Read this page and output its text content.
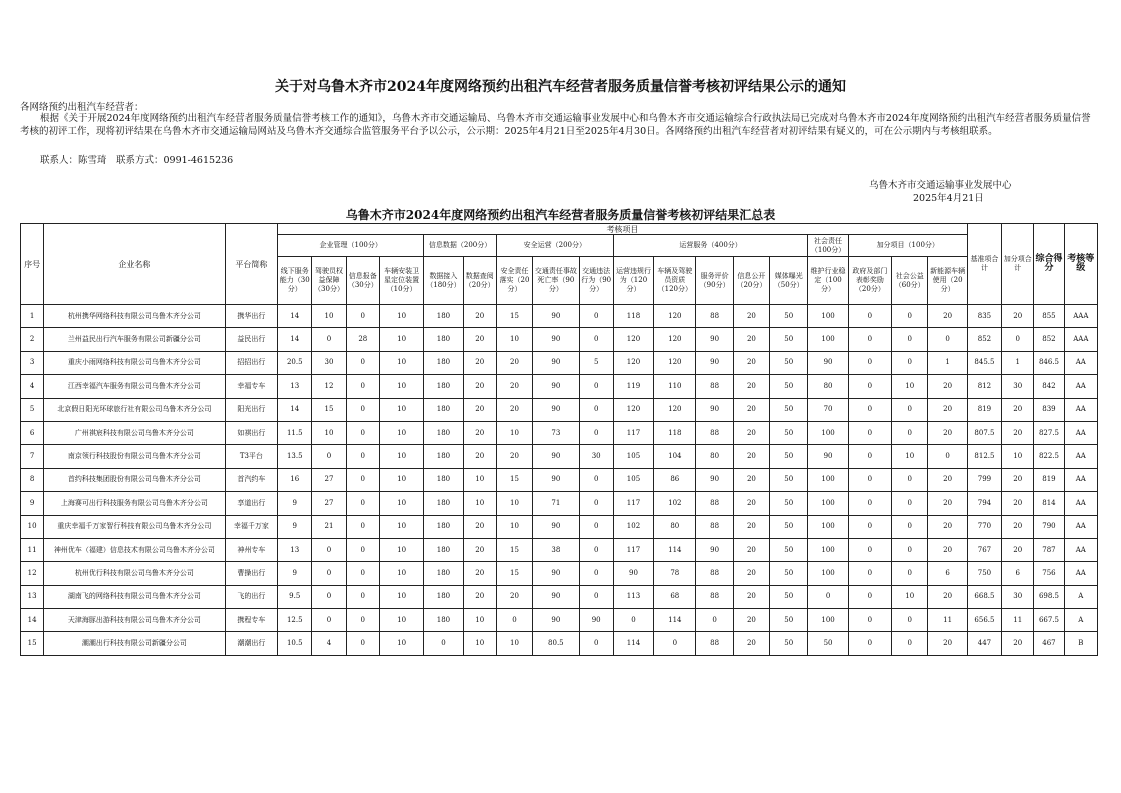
关于对乌鲁木齐市2024年度网络预约出租汽车经营者服务质量信誉考核初评结果公示的通知
各网络预约出租汽车经营者：
根据《关于开展2024年度网络预约出租汽车经营者服务质量信誉考核工作的通知》，乌鲁木齐市交通运输局、乌鲁木齐市交通运输事业发展中心和乌鲁木齐市交通运输综合行政执法局已完成对乌鲁木齐市2024年度网络预约出租汽车经营者服务质量信誉考核的初评工作，现将初评结果在乌鲁木齐市交通运输局网站及乌鲁木齐交通综合监管服务平台予以公示，公示期：2025年4月21日至2025年4月30日。各网络预约出租汽车经营者对初评结果有疑义的，可在公示期内与考核组联系。
联系人：陈雪琦　联系方式：0991-4615236
乌鲁木齐市交通运输事业发展中心
2025年4月21日
乌鲁木齐市2024年度网络预约出租汽车经营者服务质量信誉考核初评结果汇总表
序号	企业名称	平台简称	考核项目																		基准项合计	加分项合计	综合得分	考核等级
			企业管理（100分）				信息数据（200分）		安全运营（200分）			运营服务（400分）					社会责任（100分）	加分项目（100分）						
			线下服务能力（30分）	驾驶员权益保障（30分）	信息报备（30分）	车辆安装卫星定位装置（10分）	数据接入（180分）	数据查阅（20分）	安全责任落实（20分）	交通责任事故死亡率（90分）	交通违法行为（90分）	运营违规行为（120分）	车辆及驾驶员资质（120分）	服务评价（90分）	信息公开（20分）	媒体曝光（50分）	维护行业稳定（100分）	政府及部门表彰奖励（20分）	社会公益（60分）	新能源车辆使用（20分）				
1	杭州携华网络科技有限公司乌鲁木齐分公司	携华出行	14	10	0	10	180	20	15	90	0	118	120	88	20	50	100	0	0	20	835	20	855	AAA
2	兰州益民出行汽车服务有限公司新疆分公司	益民出行	14	0	28	10	180	20	10	90	0	120	120	90	20	50	100	0	0	0	852	0	852	AAA
3	重庆小雨网络科技有限公司乌鲁木齐分公司	招招出行	20.5	30	0	10	180	20	20	90	5	120	120	90	20	50	90	0	0	1	845.5	1	846.5	AA
4	江西幸福汽车服务有限公司乌鲁木齐分公司	幸福专车	13	12	0	10	180	20	20	90	0	119	110	88	20	50	80	0	10	20	812	30	842	AA
5	北京假日阳光环球旅行社有限公司乌鲁木齐分公司	阳光出行	14	15	0	10	180	20	20	90	0	120	120	90	20	50	70	0	0	20	819	20	839	AA
6	广州祺宸科技有限公司乌鲁木齐分公司	如祺出行	11.5	10	0	10	180	20	10	73	0	117	118	88	20	50	100	0	0	20	807.5	20	827.5	AA
7	南京领行科技股份有限公司乌鲁木齐分公司	T3平台	13.5	0	0	10	180	20	20	90	30	105	104	80	20	50	90	0	10	0	812.5	10	822.5	AA
8	首约科技集团股份有限公司乌鲁木齐分公司	首汽约车	16	27	0	10	180	10	15	90	0	105	86	90	20	50	100	0	0	20	799	20	819	AA
9	上海赛可出行科技服务有限公司乌鲁木齐分公司	享道出行	9	27	0	10	180	10	10	71	0	117	102	88	20	50	100	0	0	20	794	20	814	AA
10	重庆幸福千万家智行科技有限公司乌鲁木齐分公司	幸福千万家	9	21	0	10	180	20	10	90	0	102	80	88	20	50	100	0	0	20	770	20	790	AA
11	神州优车（福建）信息技术有限公司乌鲁木齐分公司	神州专车	13	0	0	10	180	20	15	38	0	117	114	90	20	50	100	0	0	20	767	20	787	AA
12	杭州优行科技有限公司乌鲁木齐分公司	曹操出行	9	0	0	10	180	20	15	90	0	90	78	88	20	50	100	0	0	6	750	6	756	AA
13	湖南飞的网络科技有限公司乌鲁木齐分公司	飞的出行	9.5	0	0	10	180	20	20	90	0	113	68	88	20	50	0	0	10	20	668.5	30	698.5	A
14	天津海豚出游科技有限公司乌鲁木齐分公司	携程专车	12.5	0	0	10	180	10	0	90	90	0	114	0	20	50	100	0	0	11	656.5	11	667.5	A
15	潮潮出行科技有限公司新疆分公司	潮潮出行	10.5	4	0	10	0	10	10	80.5	0	114	0	88	20	50	50	0	0	20	447	20	467	B
